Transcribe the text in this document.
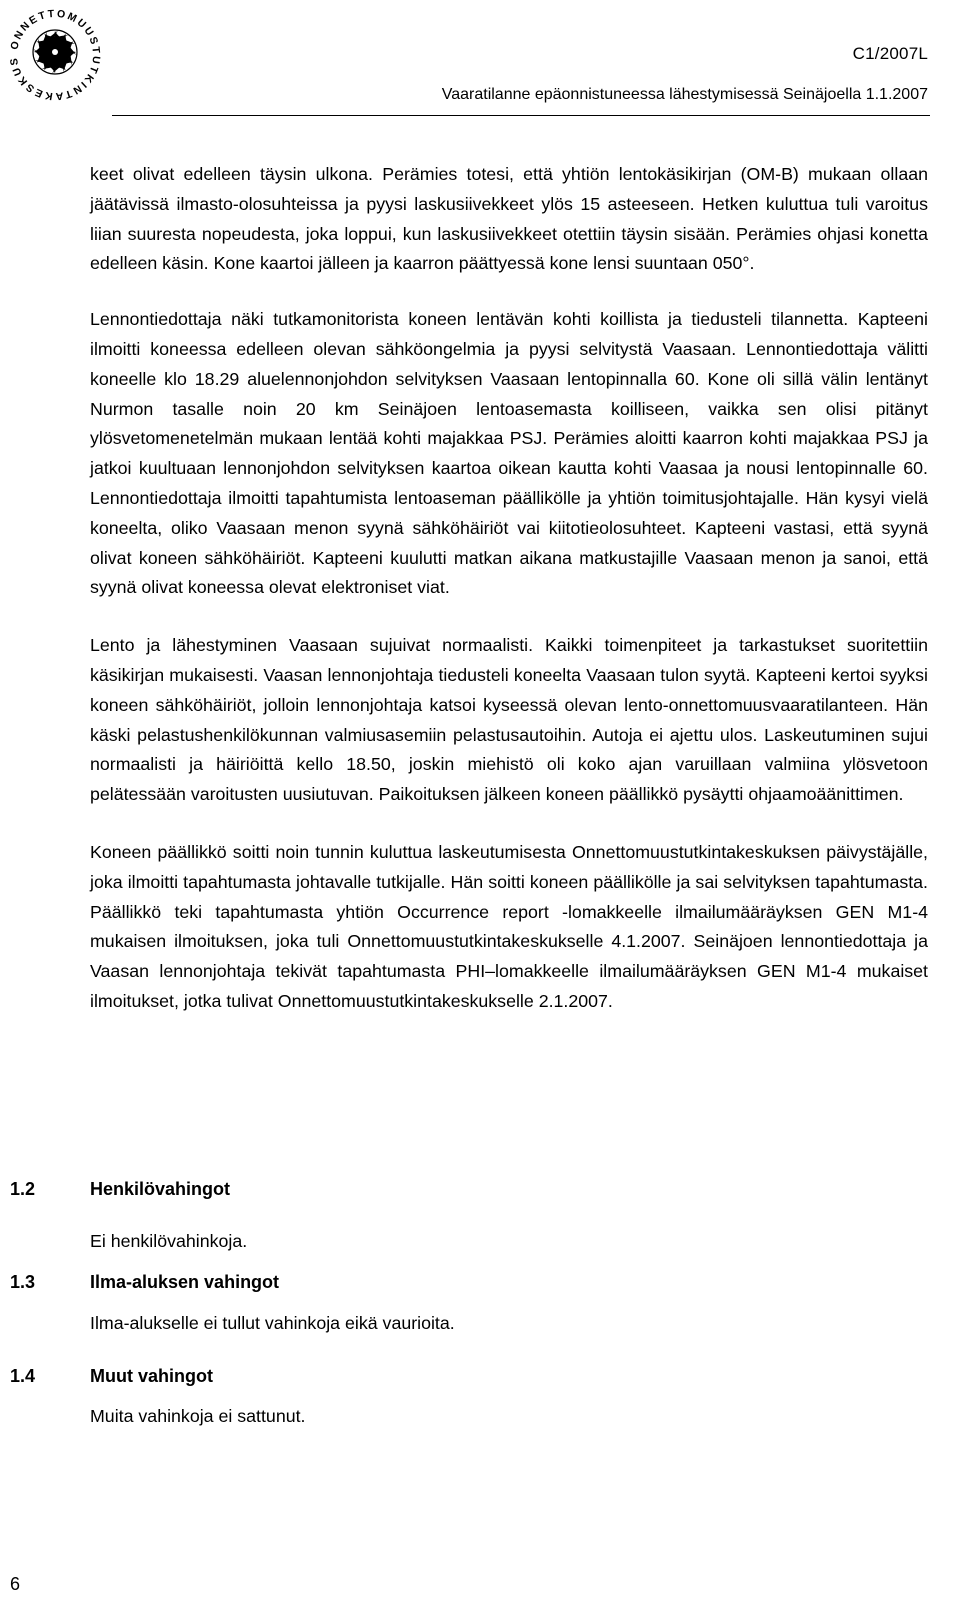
ONNETTOMUUSTUTKINTAKESKUS	C1/2007L
Vaaratilanne epäonnistuneessa lähestymisessä Seinäjoella 1.1.2007

keet olivat edelleen täysin ulkona. Perämies totesi, että yhtiön lentokäsikirjan (OM-B) mukaan ollaan jäätävissä ilmasto-olosuhteissa ja pyysi laskusiivekkeet ylös 15 asteeseen. Hetken kuluttua tuli varoitus liian suuresta nopeudesta, joka loppui, kun laskusiivekkeet otettiin täysin sisään. Perämies ohjasi konetta edelleen käsin. Kone kaartoi jälleen ja kaarron päättyessä kone lensi suuntaan 050°.

Lennontiedottaja näki tutkamonitorista koneen lentävän kohti koillista ja tiedusteli tilannetta. Kapteeni ilmoitti koneessa edelleen olevan sähköongelmia ja pyysi selvitystä Vaasaan. Lennontiedottaja välitti koneelle klo 18.29 aluelennonjohdon selvityksen Vaasaan lentopinnalla 60. Kone oli sillä välin lentänyt Nurmon tasalle noin 20 km Seinäjoen lentoasemasta koilliseen, vaikka sen olisi pitänyt ylösvetomenetelmän mukaan lentää kohti majakkaa PSJ. Perämies aloitti kaarron kohti majakkaa PSJ ja jatkoi kuultuaan lennonjohdon selvityksen kaartoa oikean kautta kohti Vaasaa ja nousi lentopinnalle 60. Lennontiedottaja ilmoitti tapahtumista lentoaseman päällikölle ja yhtiön toimitusjohtajalle. Hän kysyi vielä koneelta, oliko Vaasaan menon syynä sähköhäiriöt vai kiitotieolosuhteet. Kapteeni vastasi, että syynä olivat koneen sähköhäiriöt. Kapteeni kuulutti matkan aikana matkustajille Vaasaan menon ja sanoi, että syynä olivat koneessa olevat elektroniset viat.

Lento ja lähestyminen Vaasaan sujuivat normaalisti. Kaikki toimenpiteet ja tarkastukset suoritettiin käsikirjan mukaisesti. Vaasan lennonjohtaja tiedusteli koneelta Vaasaan tulon syytä. Kapteeni kertoi syyksi koneen sähköhäiriöt, jolloin lennonjohtaja katsoi kyseessä olevan lento-onnettomuusvaaratilanteen. Hän käski pelastushenkilökunnan valmiusasemiin pelastusautoihin. Autoja ei ajettu ulos. Laskeutuminen sujui normaalisti ja häiriöittä kello 18.50, joskin miehistö oli koko ajan varuillaan valmiina ylösvetoon pelätessään varoitusten uusiutuvan. Paikoituksen jälkeen koneen päällikkö pysäytti ohjaamoäänittimen.

Koneen päällikkö soitti noin tunnin kuluttua laskeutumisesta Onnettomuustutkintakeskuksen päivystäjälle, joka ilmoitti tapahtumasta johtavalle tutkijalle. Hän soitti koneen päällikölle ja sai selvityksen tapahtumasta. Päällikkö teki tapahtumasta yhtiön Occurrence report -lomakkeelle ilmailumääräyksen GEN M1-4 mukaisen ilmoituksen, joka tuli Onnettomuustutkintakeskukselle 4.1.2007. Seinäjoen lennontiedottaja ja Vaasan lennonjohtaja tekivät tapahtumasta PHI–lomakkeelle ilmailumääräyksen GEN M1-4 mukaiset ilmoitukset, jotka tulivat Onnettomuustutkintakeskukselle 2.1.2007.

1.2	Henkilövahingot
Ei henkilövahinkoja.
1.3	Ilma-aluksen vahingot
Ilma-alukselle ei tullut vahinkoja eikä vaurioita.
1.4	Muut vahingot
Muita vahinkoja ei sattunut.
6
